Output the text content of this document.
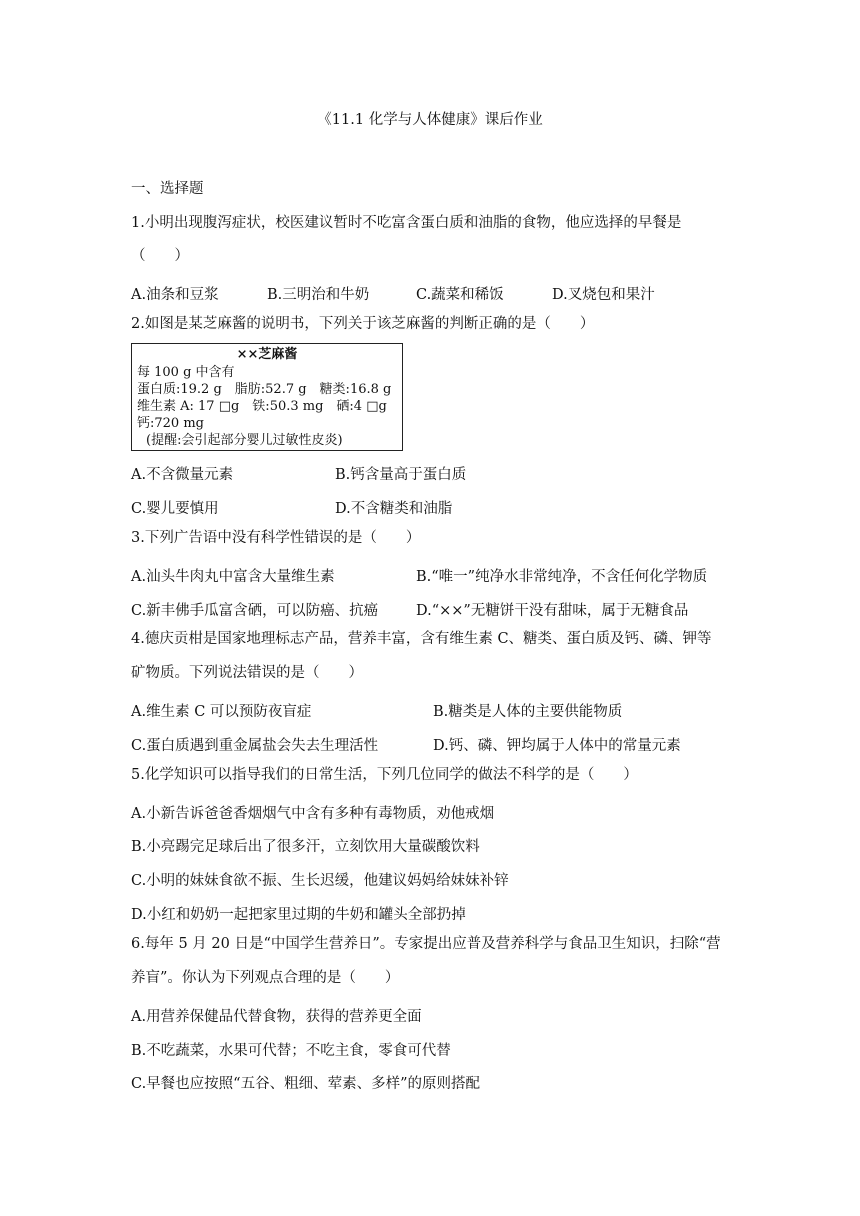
《11.1 化学与人体健康》课后作业
一、选择题
1.小明出现腹泻症状，校医建议暂时不吃富含蛋白质和油脂的食物，他应选择的早餐是
（　　）
A.油条和豆浆	B.三明治和牛奶	C.蔬菜和稀饭	D.叉烧包和果汁
2.如图是某芝麻酱的说明书，下列关于该芝麻酱的判断正确的是（　　）
××芝麻酱
每 100 g 中含有
蛋白质:19.2 g　脂肪:52.7 g　糖类:16.8 g
维生素 A: 17 □g　铁:50.3 mg　硒:4 □g
钙:720 mg
(提醒:会引起部分婴儿过敏性皮炎)
A.不含微量元素	B.钙含量高于蛋白质
C.婴儿要慎用	D.不含糖类和油脂
3.下列广告语中没有科学性错误的是（　　）
A.汕头牛肉丸中富含大量维生素	B.“唯一”纯净水非常纯净，不含任何化学物质
C.新丰佛手瓜富含硒，可以防癌、抗癌	D.“××”无糖饼干没有甜味，属于无糖食品
4.德庆贡柑是国家地理标志产品，营养丰富，含有维生素 C、糖类、蛋白质及钙、磷、钾等
矿物质。下列说法错误的是（　　）
A.维生素 C 可以预防夜盲症	B.糖类是人体的主要供能物质
C.蛋白质遇到重金属盐会失去生理活性	D.钙、磷、钾均属于人体中的常量元素
5.化学知识可以指导我们的日常生活，下列几位同学的做法不科学的是（　　）
A.小新告诉爸爸香烟烟气中含有多种有毒物质，劝他戒烟
B.小亮踢完足球后出了很多汗，立刻饮用大量碳酸饮料
C.小明的妹妹食欲不振、生长迟缓，他建议妈妈给妹妹补锌
D.小红和奶奶一起把家里过期的牛奶和罐头全部扔掉
6.每年 5 月 20 日是“中国学生营养日”。专家提出应普及营养科学与食品卫生知识，扫除“营
养盲”。你认为下列观点合理的是（　　）
A.用营养保健品代替食物，获得的营养更全面
B.不吃蔬菜，水果可代替；不吃主食，零食可代替
C.早餐也应按照“五谷、粗细、荤素、多样”的原则搭配
